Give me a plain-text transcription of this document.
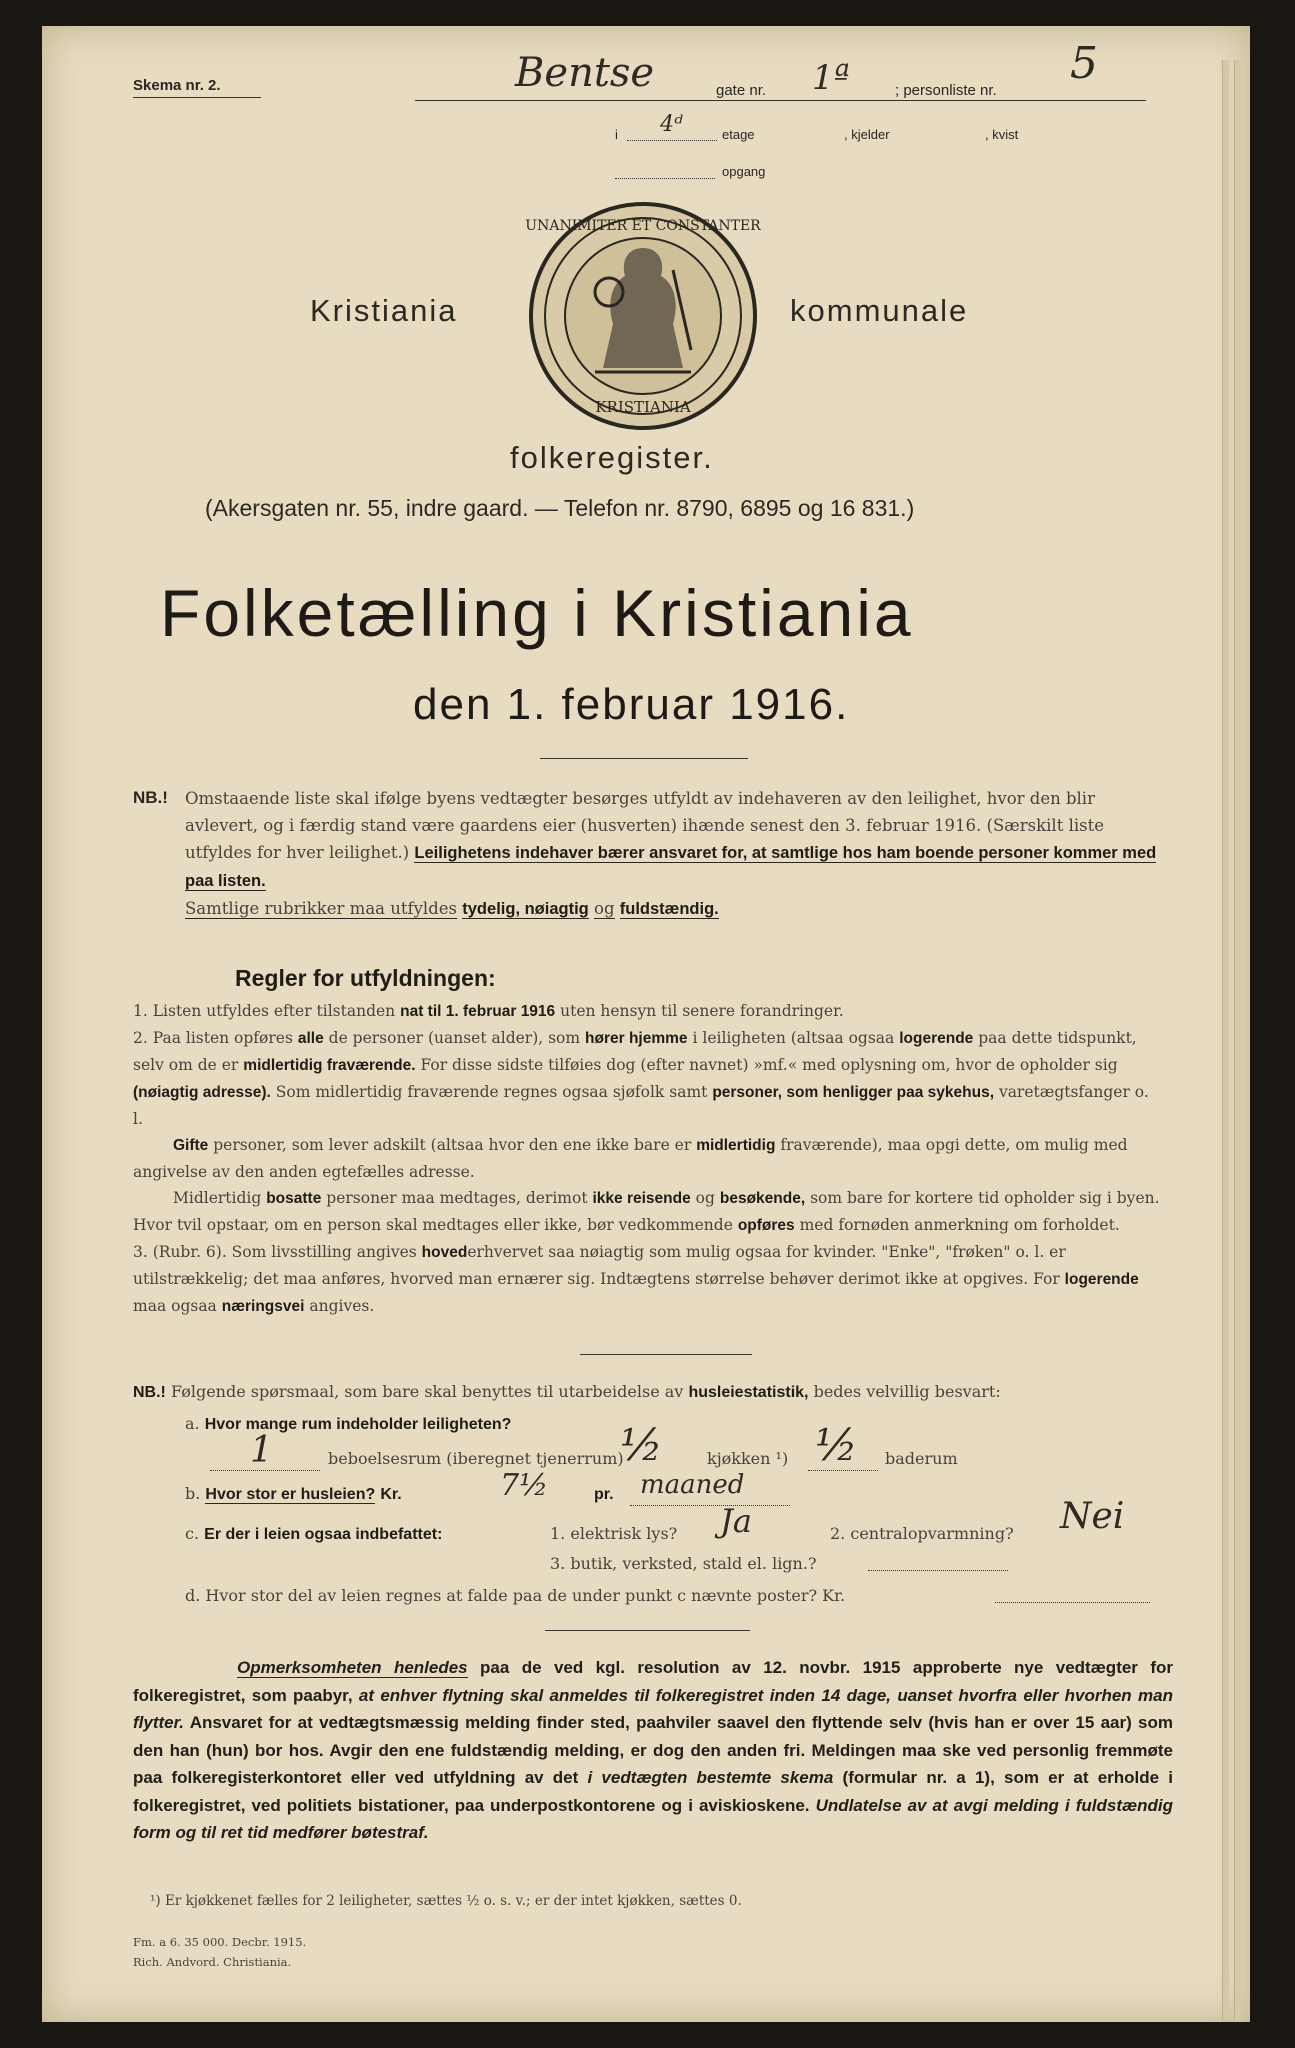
Skema nr. 2.	Bentse	gate nr. 1ª	; personliste nr.
5
i 4ᵈ	etage	, kjelder	, kvist
opgang
Kristiania	kommunale
UNANIMITER ET CONSTANTER
KRISTIANIA
folkeregister.
(Akersgaten nr. 55, indre gaard. — Telefon nr. 8790, 6895 og 16 831.)
Folketælling i Kristiania
den 1. februar 1916.
NB.! Omstaaende liste skal ifølge byens vedtægter besørges utfyldt av indehaveren av den leilighet, hvor den blir avlevert, og i færdig stand være gaardens eier (husverten) ihænde senest den 3. februar 1916. (Særskilt liste utfyldes for hver leilighet.) Leilighetens indehaver bærer ansvaret for, at samtlige hos ham boende personer kommer med paa listen.
Samtlige rubrikker maa utfyldes tydelig, nøiagtig og fuldstændig.
Regler for utfyldningen:

1. Listen utfyldes efter tilstanden nat til 1. februar 1916 uten hensyn til senere forandringer.

2. Paa listen opføres alle de personer (uanset alder), som hører hjemme i leiligheten (altsaa ogsaa logerende paa dette tidspunkt, selv om de er midlertidig fraværende. For disse sidste tilføies dog (efter navnet) »mf.« med oplysning om, hvor de opholder sig (nøiagtig adresse). Som midlertidig fraværende regnes ogsaa sjøfolk samt personer, som henligger paa sykehus, varetægtsfanger o. l.

Gifte personer, som lever adskilt (altsaa hvor den ene ikke bare er midlertidig fraværende), maa opgi dette, om mulig med angivelse av den anden egtefælles adresse.

Midlertidig bosatte personer maa medtages, derimot ikke reisende og besøkende, som bare for kortere tid opholder sig i byen. Hvor tvil opstaar, om en person skal medtages eller ikke, bør vedkommende opføres med fornøden anmerkning om forholdet.

3. (Rubr. 6). Som livsstilling angives hovederhvervet saa nøiagtig som mulig ogsaa for kvinder. "Enke", "frøken" o. l. er utilstrækkelig; det maa anføres, hvorved man ernærer sig. Indtægtens størrelse behøver derimot ikke at opgives. For logerende maa ogsaa næringsvei angives.

NB.! Følgende spørsmaal, som bare skal benyttes til utarbeidelse av husleiestatistik, bedes velvillig besvart:
a. Hvor mange rum indeholder leiligheten?
1	beboelsesrum (iberegnet tjenerrum)
½	kjøkken ¹) ½ baderum
b. Hvor stor er husleien? Kr.	7½	pr. maaned
c. Er der i leien ogsaa indbefattet:	1. elektrisk lys? Ja	2. centralopvarmning? Nei
3. butik, verksted, stald el. lign.?
d. Hvor stor del av leien regnes at falde paa de under punkt c nævnte poster? Kr.
Opmerksomheten henledes paa de ved kgl. resolution av 12. novbr. 1915 approberte nye vedtægter for folkeregistret, som paabyr, at enhver flytning skal anmeldes til folkeregistret inden 14 dage, uanset hvorfra eller hvorhen man flytter. Ansvaret for at vedtægtsmæssig melding finder sted, paahviler saavel den flyttende selv (hvis han er over 15 aar) som den han (hun) bor hos. Avgir den ene fuldstændig melding, er dog den anden fri. Meldingen maa ske ved personlig fremmøte paa folkeregisterkontoret eller ved utfyldning av det i vedtægten bestemte skema (formular nr. a 1), som er at erholde i folkeregistret, ved politiets bistationer, paa underpostkontorene og i aviskioskene. Undlatelse av at avgi melding i fuldstændig form og til ret tid medfører bøtestraf.
¹) Er kjøkkenet fælles for 2 leiligheter, sættes ½ o. s. v.; er der intet kjøkken, sættes 0.
Fm. a 6. 35 000. Decbr. 1915.
Rich. Andvord. Christiania.
